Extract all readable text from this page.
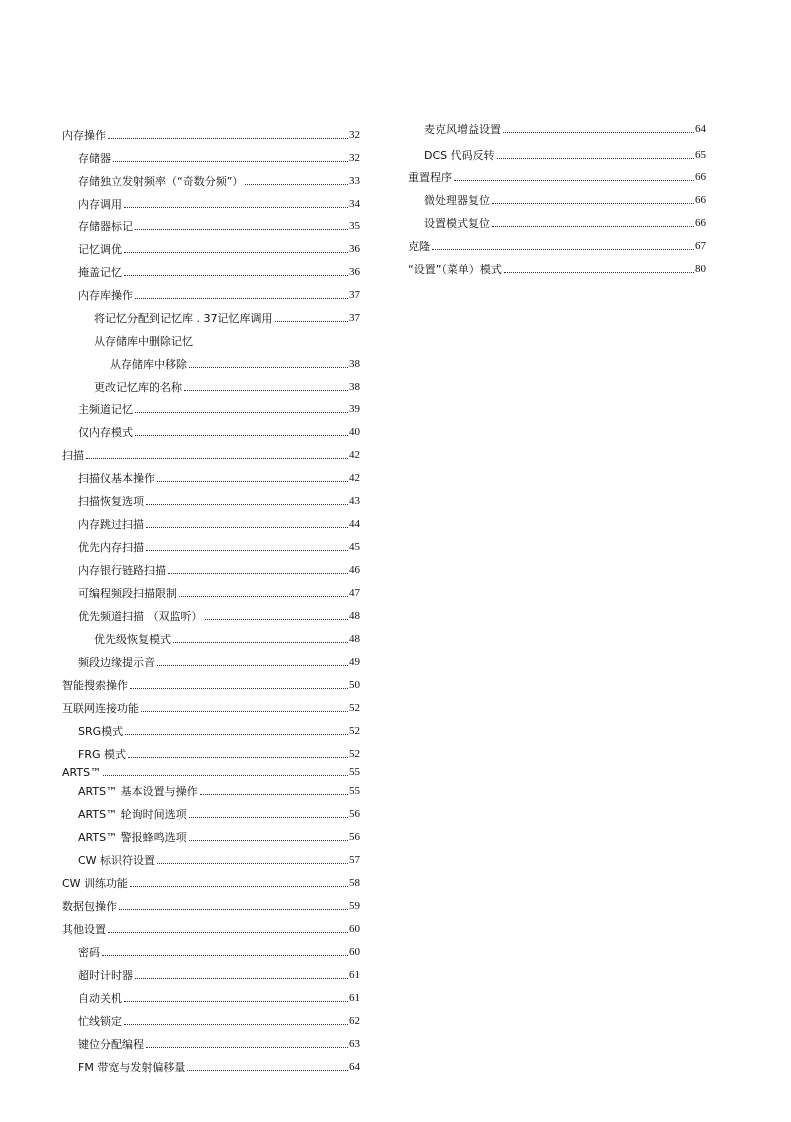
内存操作	32
存储器	32
存储独立发射频率（“奇数分频”）	33
内存调用	34
存储器标记	35
记忆调优	36
掩盖记忆	36
内存库操作	37
将记忆分配到记忆库 . 37记忆库调用	37
从存储库中删除记忆
从存储库中移除	38
更改记忆库的名称	38
主频道记忆	39
仅内存模式	40
扫描	42
扫描仪基本操作	42
扫描恢复选项	43
内存跳过扫描	44
优先内存扫描	45
内存银行链路扫描	46
可编程频段扫描限制	47
优先频道扫描 （双监听）	48
优先级恢复模式	48
频段边缘提示音	49
智能搜索操作	50
互联网连接功能	52
SRG模式	52
FRG 模式	52
ARTS™	55
ARTS™ 基本设置与操作	55
ARTS™ 轮询时间选项	56
ARTS™ 警报蜂鸣选项	56
CW 标识符设置	57
CW 训练功能	58
数据包操作	59
其他设置	60
密码	60
超时计时器	61
自动关机	61
忙线锁定	62
键位分配编程	63
FM 带宽与发射偏移量	64
麦克风增益设置	64
DCS 代码反转	65
重置程序	66
微处理器复位	66
设置模式复位	66
克隆	67
“设置”（菜单）模式	80
